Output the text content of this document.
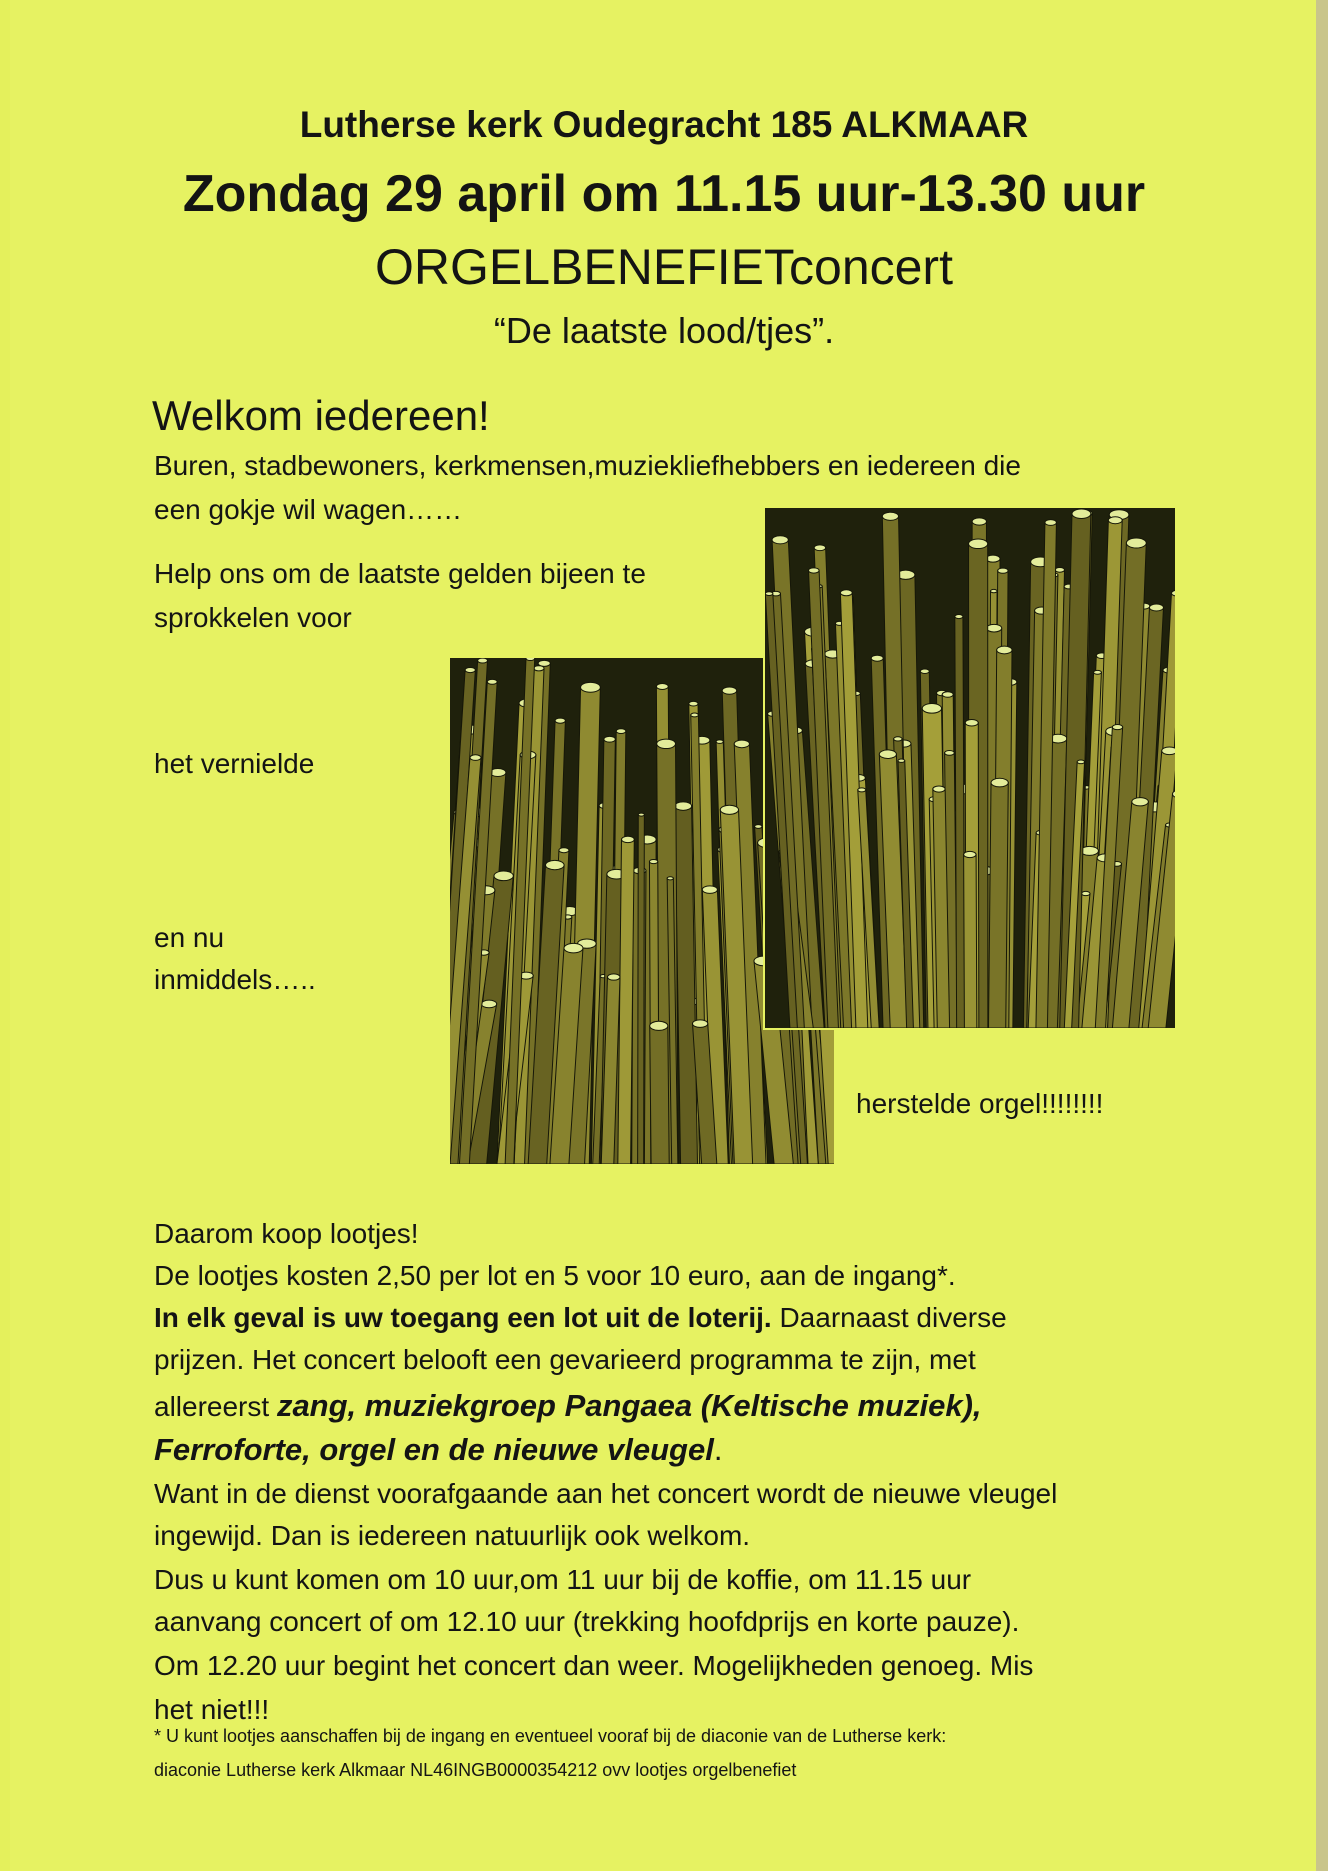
Lutherse kerk Oudegracht 185 ALKMAAR

Zondag 29 april om 11.15 uur-13.30 uur

ORGELBENEFIETconcert

“De laatste lood/tjes”.

Welkom iedereen!

Buren, stadbewoners, kerkmensen,muziekliefhebbers en iedereen die

een gokje wil wagen……

Help ons om de laatste gelden bijeen te

sprokkelen voor

het vernielde

en nu

inmiddels…..

herstelde orgel!!!!!!!!

Daarom koop lootjes!

De lootjes kosten 2,50 per lot en 5 voor 10 euro, aan de ingang*.

In elk geval is uw toegang een lot uit de loterij. Daarnaast diverse

prijzen. Het concert belooft een gevarieerd programma te zijn, met

allereerst zang, muziekgroep Pangaea (Keltische muziek),

Ferroforte, orgel en de nieuwe vleugel.

Want in de dienst voorafgaande aan het concert wordt de nieuwe vleugel

ingewijd. Dan is iedereen natuurlijk ook welkom.

Dus u kunt komen om 10 uur,om 11 uur bij de koffie, om 11.15 uur

aanvang concert of om 12.10 uur (trekking hoofdprijs en korte pauze).

Om 12.20 uur begint het concert dan weer. Mogelijkheden genoeg. Mis

het niet!!!

* U kunt lootjes aanschaffen bij de ingang en eventueel vooraf bij de diaconie van de Lutherse kerk:

diaconie Lutherse kerk Alkmaar NL46INGB0000354212 ovv lootjes orgelbenefiet
